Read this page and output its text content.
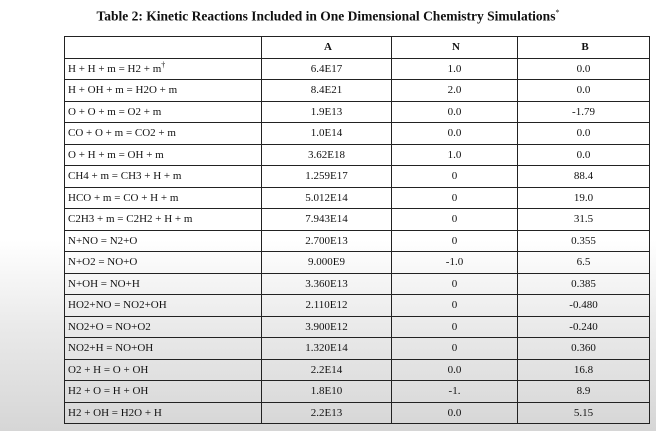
Table 2: Kinetic Reactions Included in One Dimensional Chemistry Simulations*
	A	N	B
H + H + m = H2 + m†	6.4E17	1.0	0.0
H + OH + m = H2O + m	8.4E21	2.0	0.0
O + O + m = O2 + m	1.9E13	0.0	-1.79
CO + O + m = CO2 + m	1.0E14	0.0	0.0
O + H + m = OH + m	3.62E18	1.0	0.0
CH4 + m = CH3 + H + m	1.259E17	0	88.4
HCO + m = CO + H + m	5.012E14	0	19.0
C2H3 + m = C2H2 + H + m	7.943E14	0	31.5
N+NO = N2+O	2.700E13	0	0.355
N+O2 = NO+O	9.000E9	-1.0	6.5
N+OH = NO+H	3.360E13	0	0.385
HO2+NO = NO2+OH	2.110E12	0	-0.480
NO2+O = NO+O2	3.900E12	0	-0.240
NO2+H = NO+OH	1.320E14	0	0.360
O2 + H = O + OH	2.2E14	0.0	16.8
H2 + O = H + OH	1.8E10	-1.	8.9
H2 + OH = H2O + H	2.2E13	0.0	5.15
